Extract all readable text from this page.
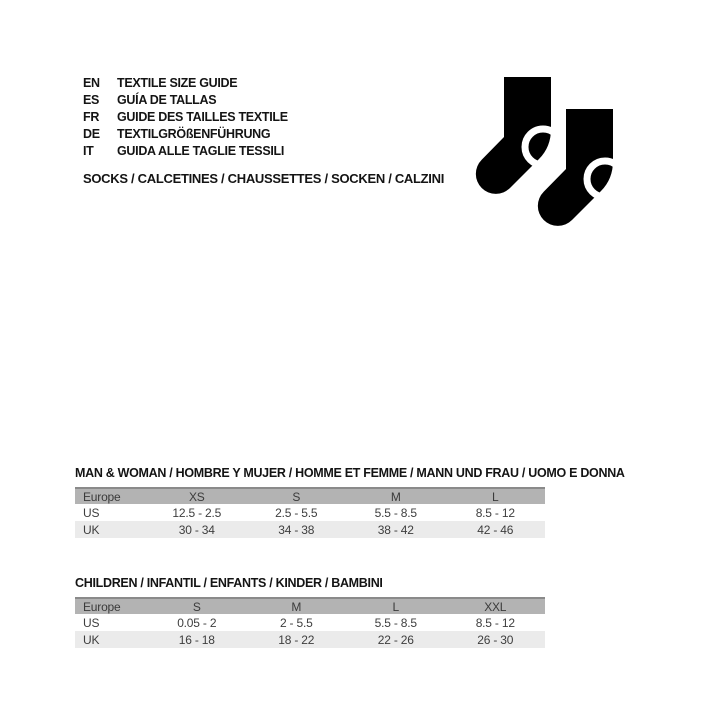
EN	TEXTILE SIZE GUIDE
ES	GUÍA DE TALLAS
FR	GUIDE DES TAILLES TEXTILE
DE	TEXTILGRÖßENFÜHRUNG
IT	GUIDA ALLE TAGLIE TESSILI
SOCKS / CALCETINES / CHAUSSETTES / SOCKEN / CALZINI
MAN & WOMAN / HOMBRE Y MUJER / HOMME ET FEMME / MANN UND FRAU / UOMO E DONNA
Europe	XS	S	M	L
US	12.5 - 2.5	2.5 - 5.5	5.5 - 8.5	8.5 - 12
UK	30 - 34	34 - 38	38 - 42	42 - 46
CHILDREN / INFANTIL / ENFANTS / KINDER / BAMBINI
Europe	S	M	L	XXL
US	0.05 - 2	2 - 5.5	5.5 - 8.5	8.5 - 12
UK	16 - 18	18 - 22	22 - 26	26 - 30
